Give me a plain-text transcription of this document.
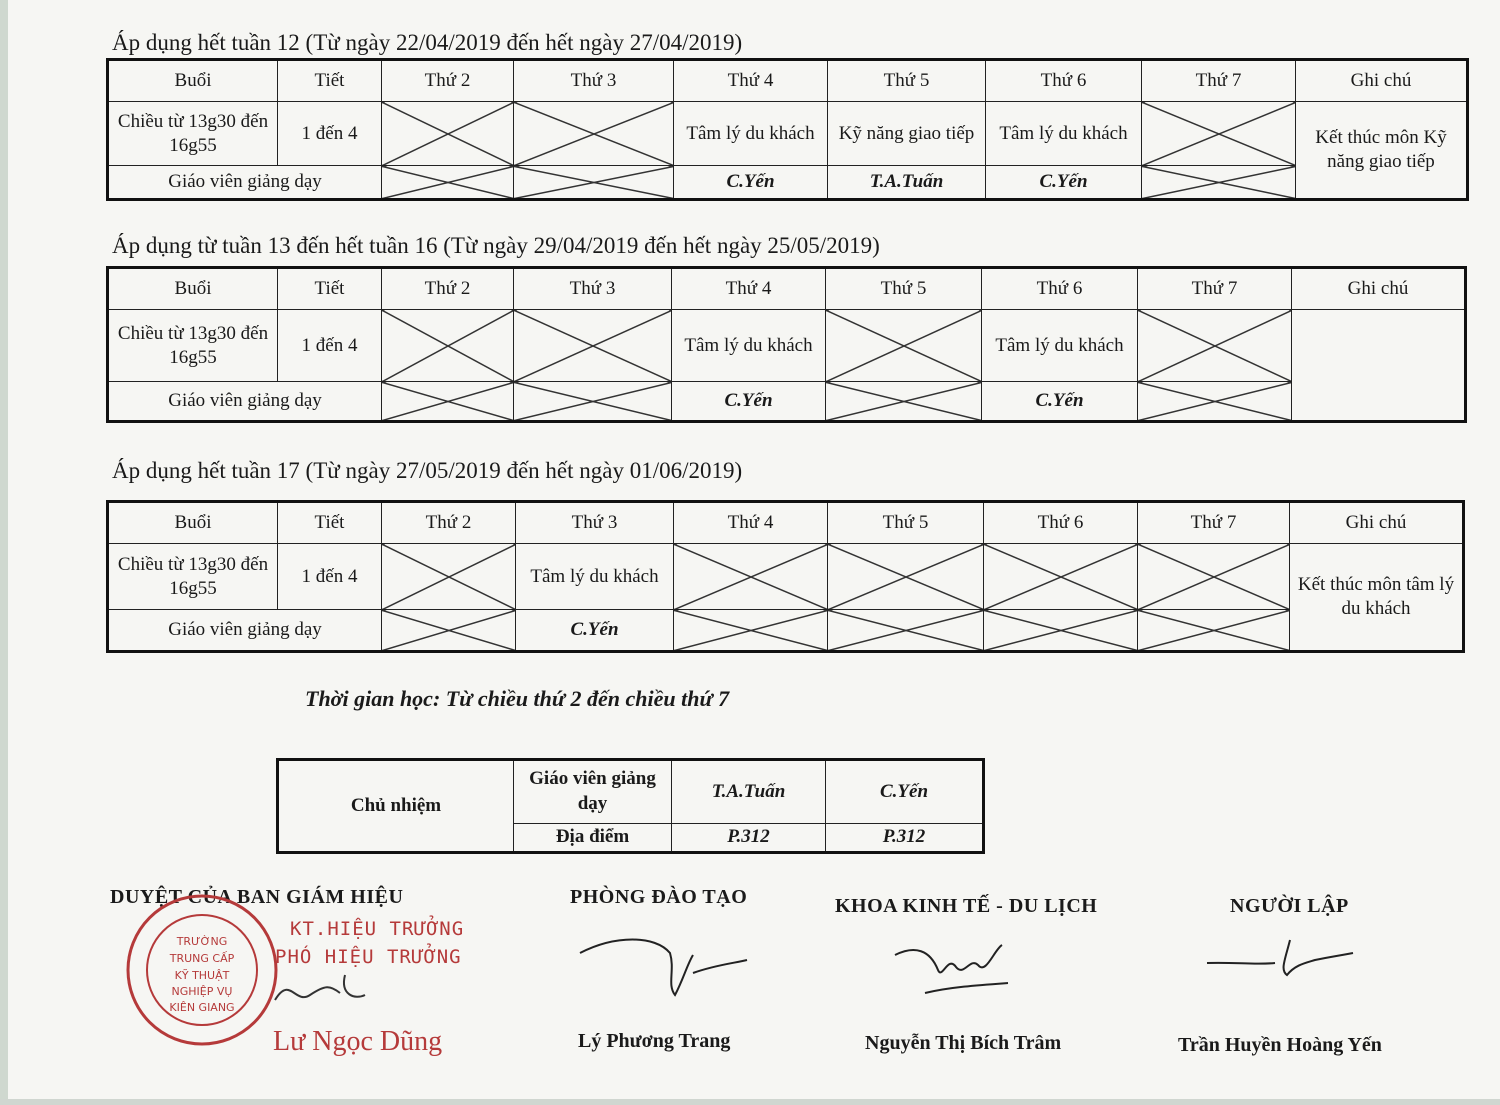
Áp dụng hết tuần 12 (Từ ngày 22/04/2019 đến hết ngày 27/04/2019)
Buổi	Tiết	Thứ 2	Thứ 3	Thứ 4	Thứ 5	Thứ 6	Thứ 7	Ghi chú
Chiều từ 13g30 đến 16g55	1 đến 4			Tâm lý du khách	Kỹ năng giao tiếp	Tâm lý du khách		Kết thúc môn Kỹ năng giao tiếp
Giáo viên giảng dạy				C.Yến	T.A.Tuấn	C.Yến		
Áp dụng từ tuần 13 đến hết tuần 16 (Từ ngày 29/04/2019 đến hết ngày 25/05/2019)
Buổi	Tiết	Thứ 2	Thứ 3	Thứ 4	Thứ 5	Thứ 6	Thứ 7	Ghi chú
Chiều từ 13g30 đến 16g55	1 đến 4			Tâm lý du khách		Tâm lý du khách		
Giáo viên giảng dạy				C.Yến		C.Yến		
Áp dụng hết tuần 17 (Từ ngày 27/05/2019 đến hết ngày 01/06/2019)
Buổi	Tiết	Thứ 2	Thứ 3	Thứ 4	Thứ 5	Thứ 6	Thứ 7	Ghi chú
Chiều từ 13g30 đến 16g55	1 đến 4		Tâm lý du khách					Kết thúc môn tâm lý du khách
Giáo viên giảng dạy			C.Yến					
Thời gian học: Từ chiều thứ 2 đến chiều thứ 7
Chủ nhiệm	Giáo viên giảng dạy	T.A.Tuấn	C.Yến
	Địa điểm	P.312	P.312
DUYỆT CỦA BAN GIÁM HIỆU
KT.HIỆU TRƯỞNG
PHÓ HIỆU TRƯỞNG
TRƯỜNG
TRUNG CẤP
KỸ THUẬT
NGHIỆP VỤ
KIÊN GIANG
Lư Ngọc Dũng
PHÒNG ĐÀO TẠO
Lý Phương Trang
KHOA KINH TẾ - DU LỊCH
Nguyễn Thị Bích Trâm
NGƯỜI LẬP
Trần Huyền Hoàng Yến
